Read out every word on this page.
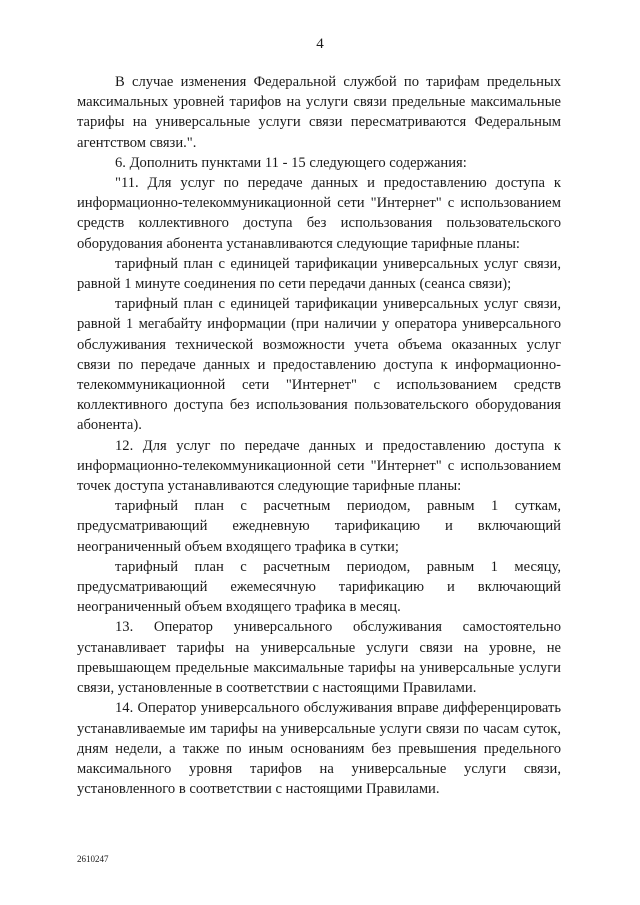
4

В случае изменения Федеральной службой по тарифам предельных максимальных уровней тарифов на услуги связи предельные максимальные тарифы на универсальные услуги связи пересматриваются Федеральным агентством связи.".

6. Дополнить пунктами 11 - 15 следующего содержания:

"11. Для услуг по передаче данных и предоставлению доступа к информационно-телекоммуникационной сети "Интернет" с использованием средств коллективного доступа без использования пользовательского оборудования абонента устанавливаются следующие тарифные планы:

тарифный план с единицей тарификации универсальных услуг связи, равной 1 минуте соединения по сети передачи данных (сеанса связи);

тарифный план с единицей тарификации универсальных услуг связи, равной 1 мегабайту информации (при наличии у оператора универсального обслуживания технической возможности учета объема оказанных услуг связи по передаче данных и предоставлению доступа к информационно-телекоммуникационной сети "Интернет" с использованием средств коллективного доступа без использования пользовательского оборудования абонента).

12. Для услуг по передаче данных и предоставлению доступа к информационно-телекоммуникационной сети "Интернет" с использованием точек доступа устанавливаются следующие тарифные планы:

тарифный план с расчетным периодом, равным 1 суткам, предусматривающий ежедневную тарификацию и включающий неограниченный объем входящего трафика в сутки;

тарифный план с расчетным периодом, равным 1 месяцу, предусматривающий ежемесячную тарификацию и включающий неограниченный объем входящего трафика в месяц.

13. Оператор универсального обслуживания самостоятельно устанавливает тарифы на универсальные услуги связи на уровне, не превышающем предельные максимальные тарифы на универсальные услуги связи, установленные в соответствии с настоящими Правилами.

14. Оператор универсального обслуживания вправе дифференцировать устанавливаемые им тарифы на универсальные услуги связи по часам суток, дням недели, а также по иным основаниям без превышения предельного максимального уровня тарифов на универсальные услуги связи, установленного в соответствии с настоящими Правилами.

2610247
